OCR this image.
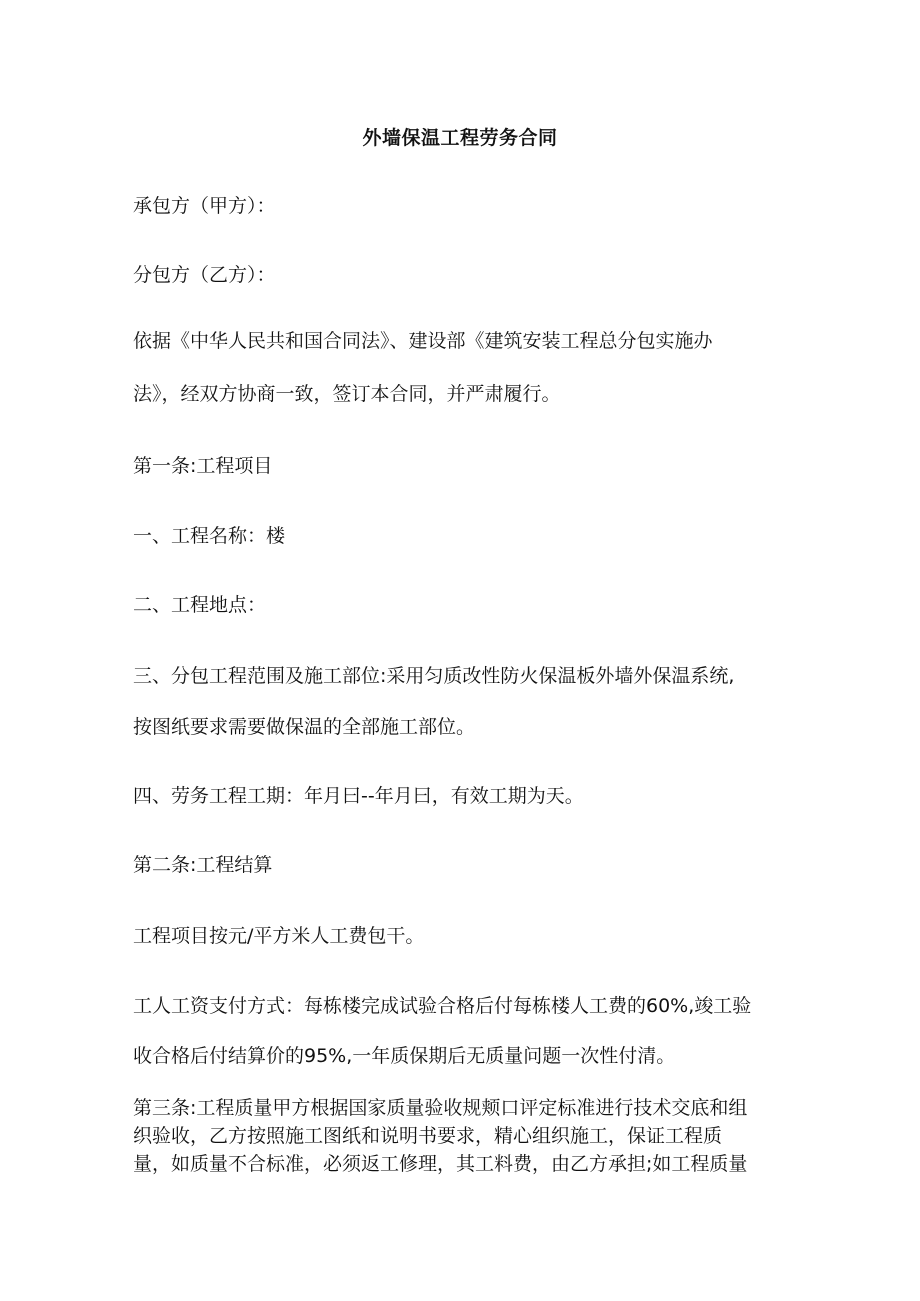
外墙保温工程劳务合同
承包方（甲方）：
分包方（乙方）：
依据《中华人民共和国合同法》、建设部《建筑安装工程总分包实施办
法》，经双方协商一致，签订本合同，并严肃履行。
第一条:工程项目
一、工程名称：楼
二、工程地点：
三、分包工程范围及施工部位:采用匀质改性防火保温板外墙外保温系统,
按图纸要求需要做保温的全部施工部位。
四、劳务工程工期：年月曰--年月曰，有效工期为天。
第二条:工程结算
工程项目按元/平方米人工费包干。
工人工资支付方式：每栋楼完成试验合格后付每栋楼人工费的60%,竣工验
收合格后付结算价的95%,一年质保期后无质量问题一次性付清。
第三条:工程质量甲方根据国家质量验收规颊口评定标准进行技术交底和组
织验收，乙方按照施工图纸和说明书要求，精心组织施工，保证工程质
量，如质量不合标准，必须返工修理，其工料费，由乙方承担;如工程质量
